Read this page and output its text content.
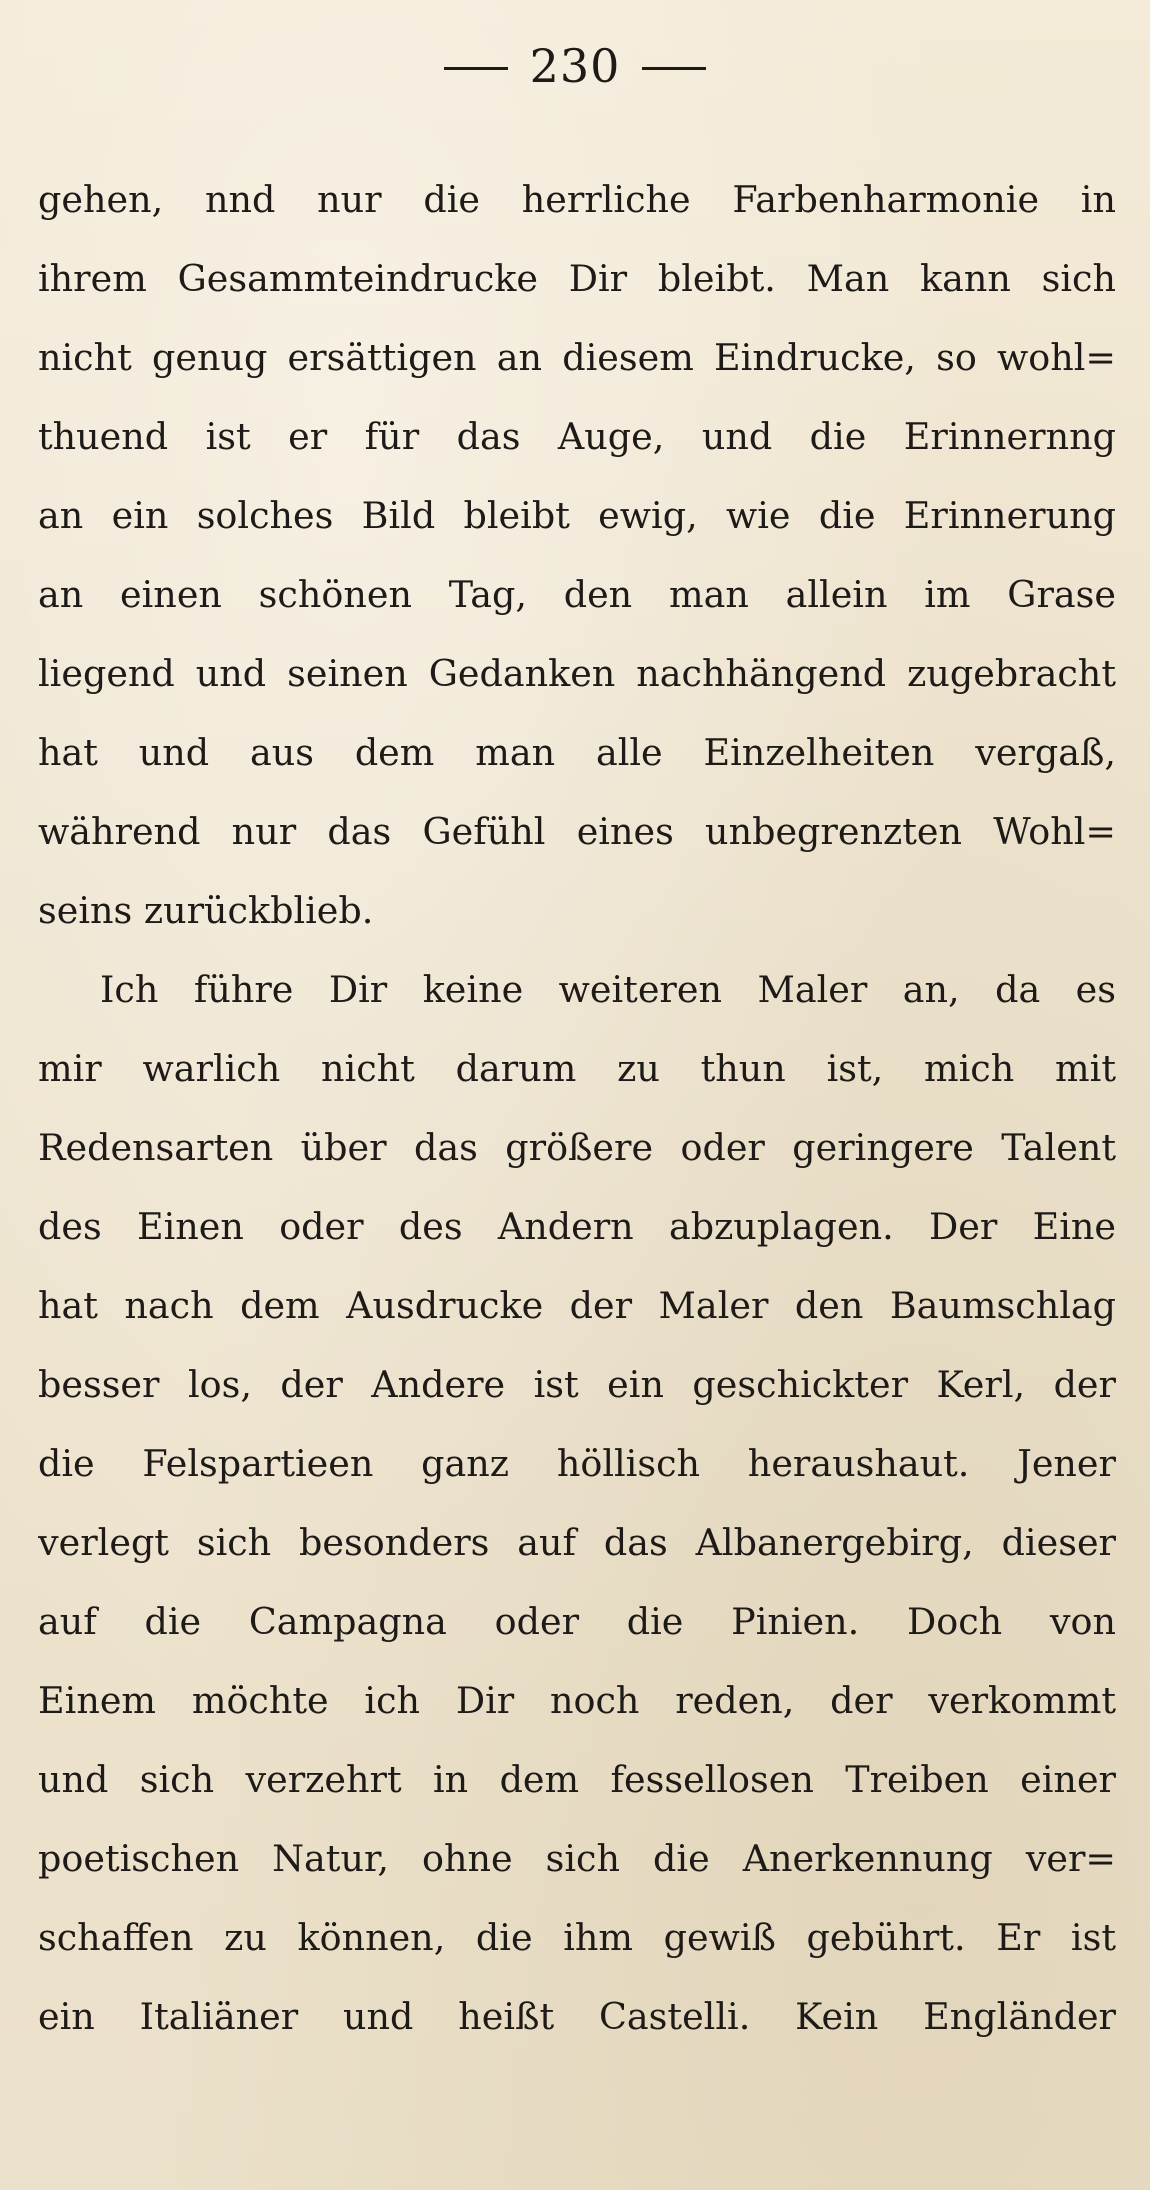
230
gehen, nnd nur die herrliche Farbenharmonie in
ihrem Gesammteindrucke Dir bleibt. Man kann sich
nicht genug ersättigen an diesem Eindrucke, so wohl=
thuend ist er für das Auge, und die Erinnernng
an ein solches Bild bleibt ewig, wie die Erinnerung
an einen schönen Tag, den man allein im Grase
liegend und seinen Gedanken nachhängend zugebracht
hat und aus dem man alle Einzelheiten vergaß,
während nur das Gefühl eines unbegrenzten Wohl=
seins zurückblieb.
Ich führe Dir keine weiteren Maler an, da es
mir warlich nicht darum zu thun ist, mich mit
Redensarten über das größere oder geringere Talent
des Einen oder des Andern abzuplagen. Der Eine
hat nach dem Ausdrucke der Maler den Baumschlag
besser los, der Andere ist ein geschickter Kerl, der
die Felspartieen ganz höllisch heraushaut. Jener
verlegt sich besonders auf das Albanergebirg, dieser
auf die Campagna oder die Pinien. Doch von
Einem möchte ich Dir noch reden, der verkommt
und sich verzehrt in dem fessellosen Treiben einer
poetischen Natur, ohne sich die Anerkennung ver=
schaffen zu können, die ihm gewiß gebührt. Er ist
ein Italiäner und heißt Castelli. Kein Engländer
